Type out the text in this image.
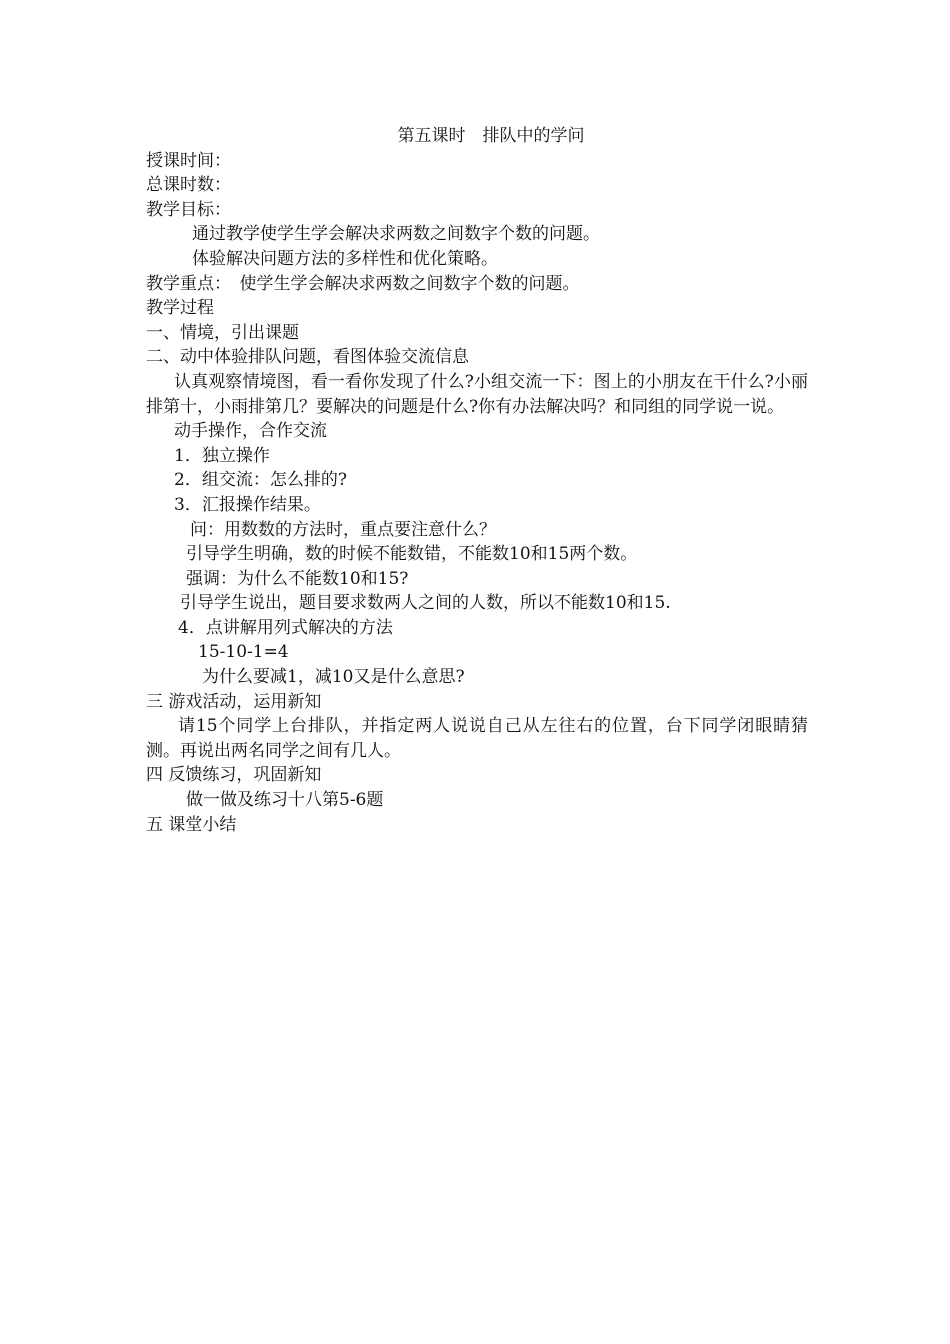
第五课时　排队中的学问

授课时间：

总课时数：

教学目标：

通过教学使学生学会解决求两数之间数字个数的问题。

体验解决问题方法的多样性和优化策略。

教学重点：　使学生学会解决求两数之间数字个数的问题。

教学过程

一、情境，引出课题

二、动中体验排队问题，看图体验交流信息

认真观察情境图，看一看你发现了什么?小组交流一下：图上的小朋友在干什么?小丽排第十，小雨排第几？要解决的问题是什么?你有办法解决吗？和同组的同学说一说。

动手操作，合作交流

1．独立操作

2．组交流：怎么排的?

3．汇报操作结果。

问：用数数的方法时，重点要注意什么？

引导学生明确，数的时候不能数错，不能数10和15两个数。

强调：为什么不能数10和15?

引导学生说出，题目要求数两人之间的人数，所以不能数10和15.

4．点讲解用列式解决的方法

15-10-1=4

为什么要减1，减10又是什么意思?

三 游戏活动，运用新知

请15个同学上台排队，并指定两人说说自己从左往右的位置，台下同学闭眼睛猜测。再说出两名同学之间有几人。

四 反馈练习，巩固新知

做一做及练习十八第5-6题

五 课堂小结
